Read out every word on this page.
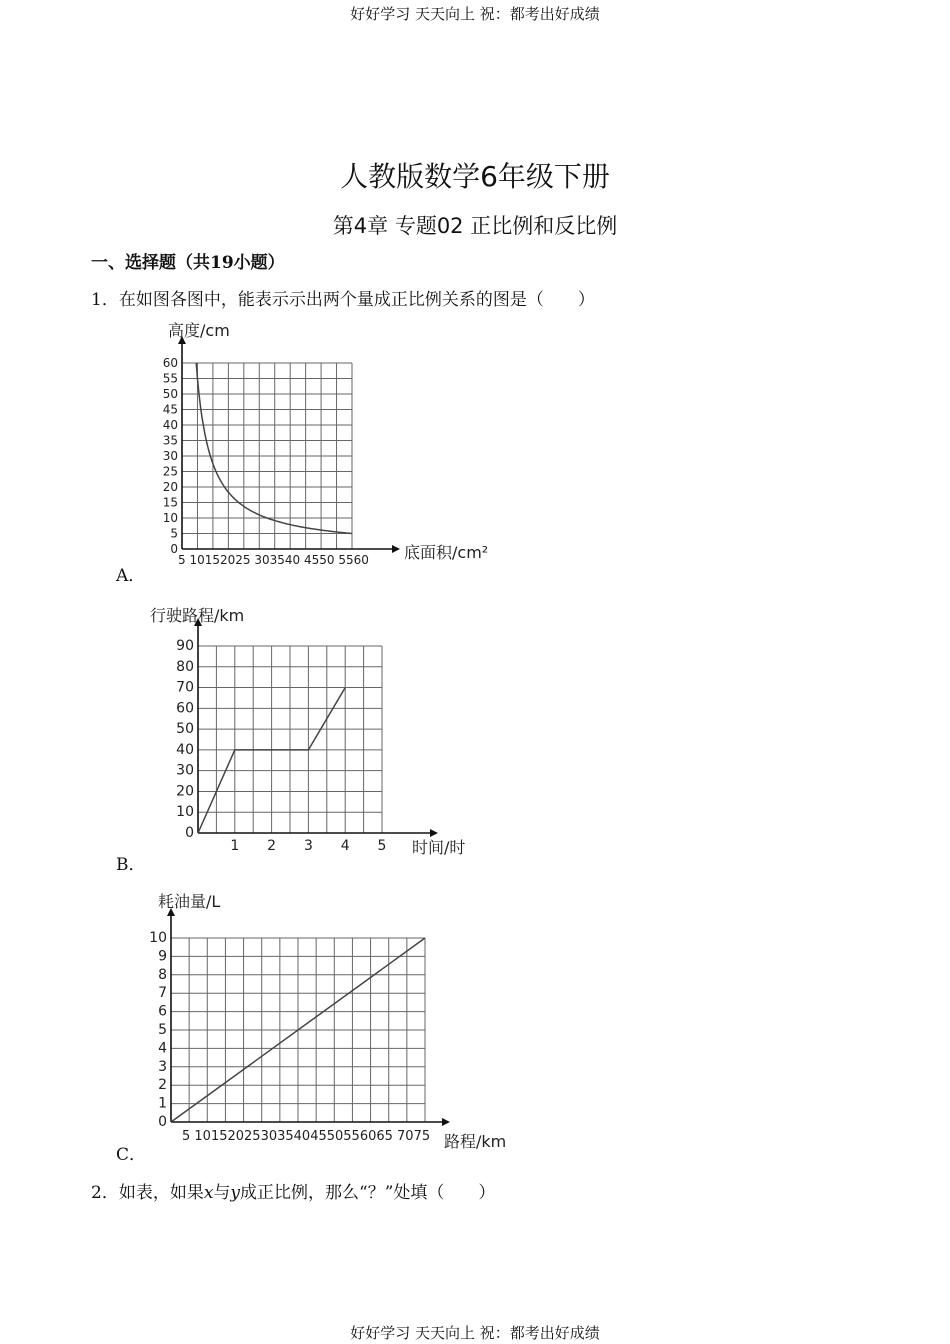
好好学习 天天向上 祝：都考出好成绩
人教版数学6年级下册
第4章 专题02 正比例和反比例
一、选择题（共19小题）
1．在如图各图中，能表示示出两个量成正比例关系的图是（　　）
0
5
10
15
20
25
30
35
40
45
50
55
60
5 10152025 303540 4550 5560
高度/cm
底面积/cm²
A．
0
10
20
30
40
50
60
70
80
90
1 2 3 4 5
行驶路程/km
时间/时
B．
0
1
2
3
4
5
6
7
8
9
10
5 101520253035404550556065 7075
耗油量/L
路程/km
C．
2．如表，如果x与y成正比例，那么“？”处填（　　）
好好学习 天天向上 祝：都考出好成绩
